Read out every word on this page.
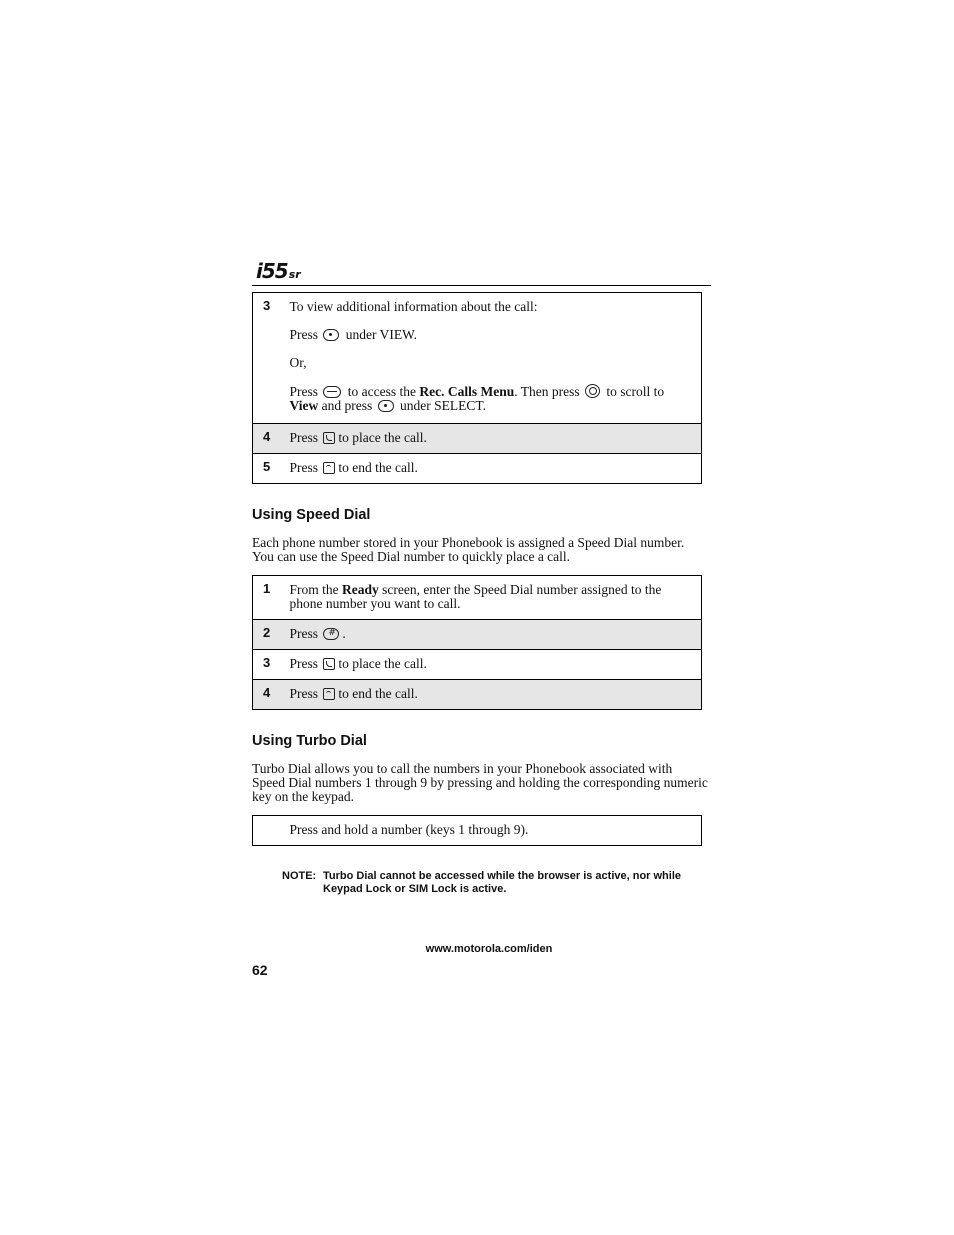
i55sr
3	To view additional information about the call:

Press under VIEW.

Or,

Press to access the Rec. Calls Menu. Then press to scroll to
View and press under SELECT.

4	Press to place the call.
5	Press to end the call.
Using Speed Dial

Each phone number stored in your Phonebook is assigned a Speed Dial number. You can use the Speed Dial number to quickly place a call.

1	From the Ready screen, enter the Speed Dial number assigned to the phone number you want to call.
2	Press # .
3	Press to place the call.
4	Press to end the call.
Using Turbo Dial

Turbo Dial allows you to call the numbers in your Phonebook associated with Speed Dial numbers 1 through 9 by pressing and holding the corresponding numeric key on the keypad.

	Press and hold a number (keys 1 through 9).
NOTE: Turbo Dial cannot be accessed while the browser is active, nor while Keypad Lock or SIM Lock is active.
www.motorola.com/iden
62
